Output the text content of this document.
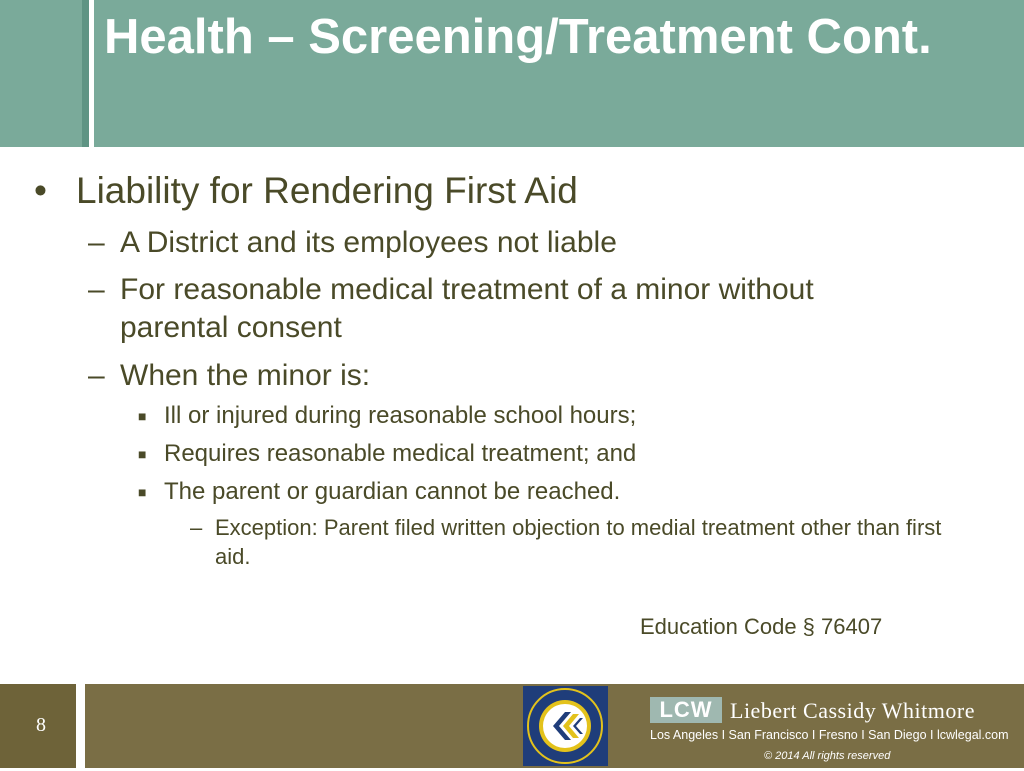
Health – Screening/Treatment Cont.
• Liability for Rendering First Aid
– A District and its employees not liable
– For reasonable medical treatment of a minor without parental consent
– When the minor is:
■ Ill or injured during reasonable school hours;
■ Requires reasonable medical treatment; and
■ The parent or guardian cannot be reached.
– Exception: Parent filed written objection to medial treatment other than first aid.
Education Code § 76407
8
LCW Liebert Cassidy Whitmore
Los Angeles I San Francisco I Fresno I San Diego I lcwlegal.com
© 2014 All rights reserved
